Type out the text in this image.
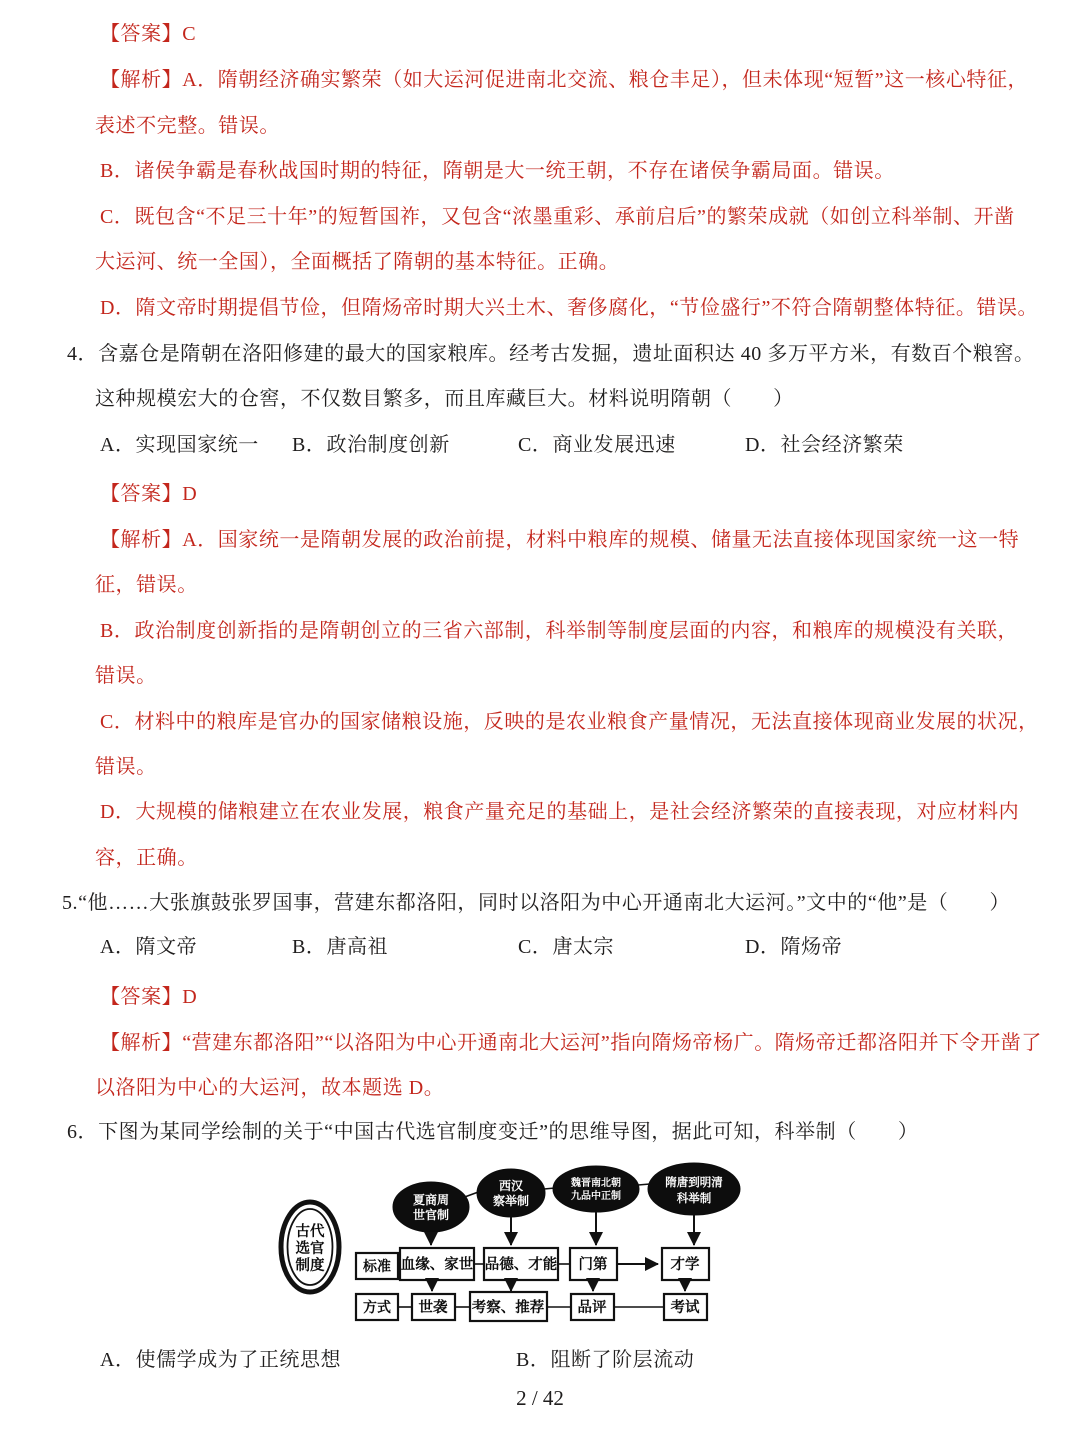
【答案】C
【解析】A．隋朝经济确实繁荣（如大运河促进南北交流、粮仓丰足），但未体现“短暂”这一核心特征，
表述不完整。错误。
B．诸侯争霸是春秋战国时期的特征，隋朝是大一统王朝，不存在诸侯争霸局面。错误。
C．既包含“不足三十年”的短暂国祚，又包含“浓墨重彩、承前启后”的繁荣成就（如创立科举制、开凿
大运河、统一全国），全面概括了隋朝的基本特征。正确。
D．隋文帝时期提倡节俭，但隋炀帝时期大兴土木、奢侈腐化，“节俭盛行”不符合隋朝整体特征。错误。
4．含嘉仓是隋朝在洛阳修建的最大的国家粮库。经考古发掘，遗址面积达 40 多万平方米，有数百个粮窖。
这种规模宏大的仓窖，不仅数目繁多，而且库藏巨大。材料说明隋朝（　　）
A．实现国家统一 B．政治制度创新	C．商业发展迅速	D．社会经济繁荣
【答案】D
【解析】A．国家统一是隋朝发展的政治前提，材料中粮库的规模、储量无法直接体现国家统一这一特
征，错误。
B．政治制度创新指的是隋朝创立的三省六部制，科举制等制度层面的内容，和粮库的规模没有关联，
错误。
C．材料中的粮库是官办的国家储粮设施，反映的是农业粮食产量情况，无法直接体现商业发展的状况，
错误。
D．大规模的储粮建立在农业发展，粮食产量充足的基础上，是社会经济繁荣的直接表现，对应材料内
容，正确。
5.“他……大张旗鼓张罗国事，营建东都洛阳，同时以洛阳为中心开通南北大运河。”文中的“他”是（　　）
A．隋文帝	B．唐高祖	C．唐太宗	D．隋炀帝
【答案】D
【解析】“营建东都洛阳”“以洛阳为中心开通南北大运河”指向隋炀帝杨广。隋炀帝迁都洛阳并下令开凿了
以洛阳为中心的大运河，故本题选 D。
6．下图为某同学绘制的关于“中国古代选官制度变迁”的思维导图，据此可知，科举制（　　）
古代
选官
制度
夏商周
世官制
西汉
察举制
魏晋南北朝
九品中正制
隋唐到明清
科举制
标准 血缘、家世 品德、才能 门第	才学
方式 世袭 考察、推荐 品评	考试
A．使儒学成为了正统思想	B．阻断了阶层流动
2 / 42
